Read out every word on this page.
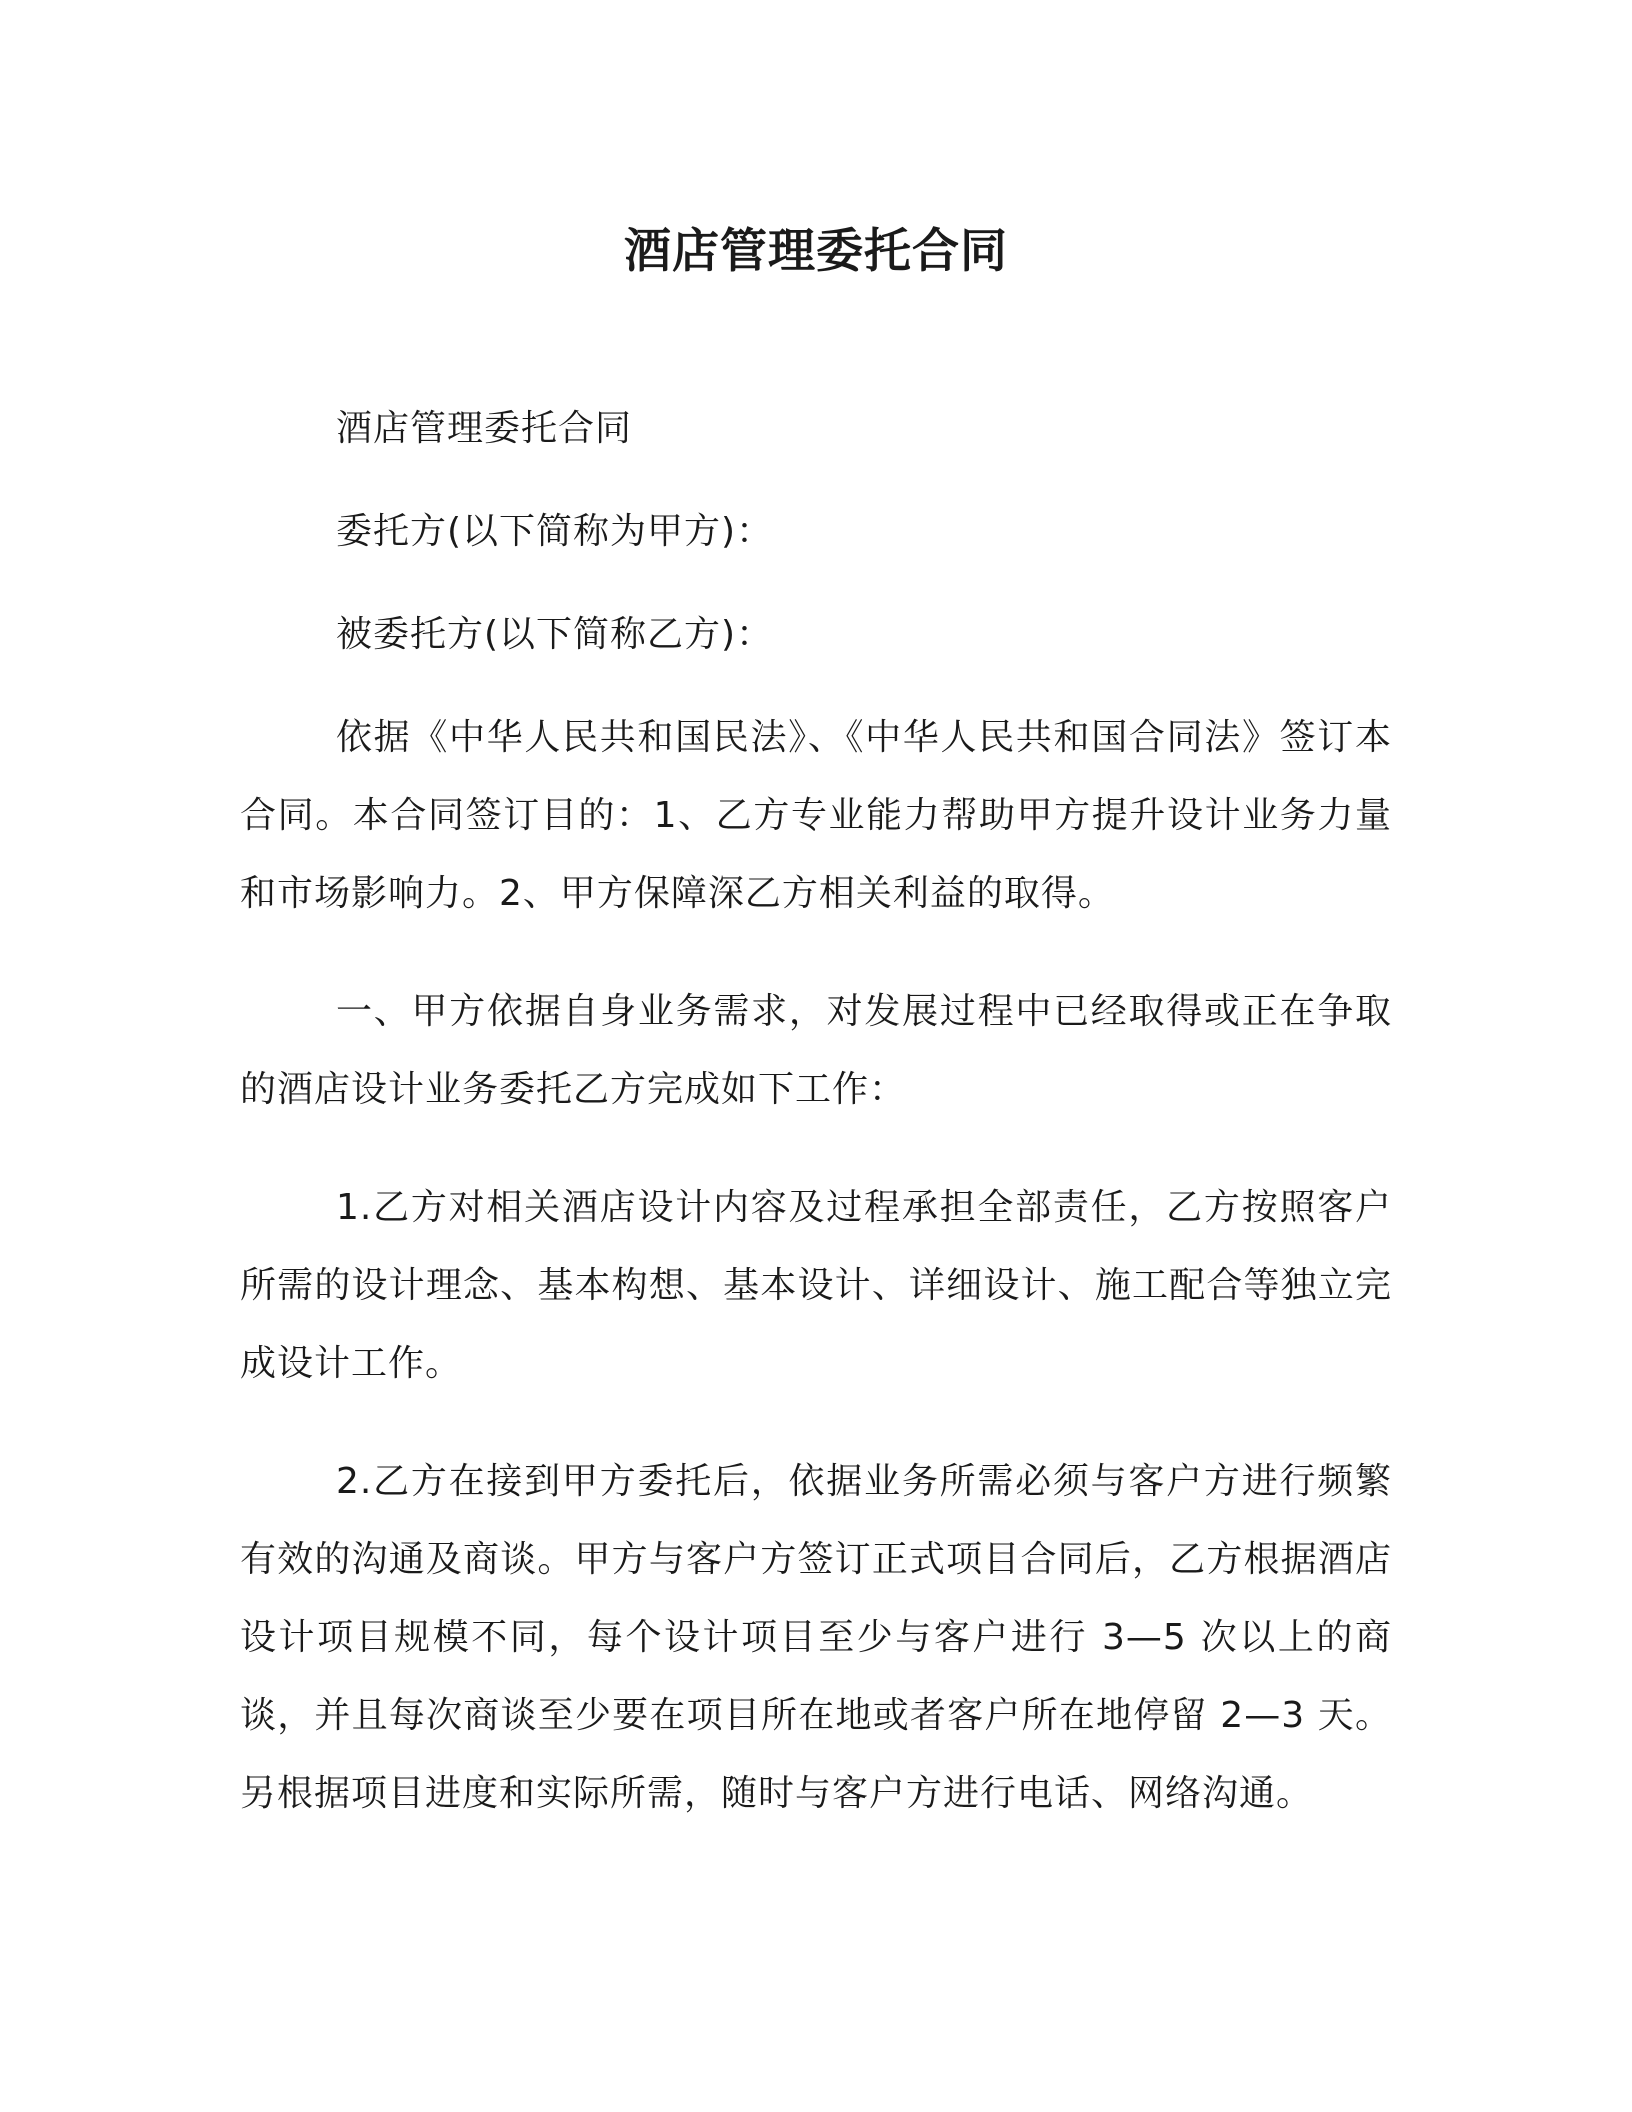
酒店管理委托合同

酒店管理委托合同

委托方(以下简称为甲方)：

被委托方(以下简称乙方)：

依据《中华人民共和国民法》、《中华人民共和国合同法》签订本合同。本合同签订目的：1、乙方专业能力帮助甲方提升设计业务力量和市场影响力。2、甲方保障深乙方相关利益的取得。

一、甲方依据自身业务需求，对发展过程中已经取得或正在争取的酒店设计业务委托乙方完成如下工作：

1.乙方对相关酒店设计内容及过程承担全部责任，乙方按照客户所需的设计理念、基本构想、基本设计、详细设计、施工配合等独立完成设计工作。

2.乙方在接到甲方委托后，依据业务所需必须与客户方进行频繁有效的沟通及商谈。甲方与客户方签订正式项目合同后，乙方根据酒店设计项目规模不同，每个设计项目至少与客户进行 3—5 次以上的商谈，并且每次商谈至少要在项目所在地或者客户所在地停留 2—3 天。另根据项目进度和实际所需，随时与客户方进行电话、网络沟通。
